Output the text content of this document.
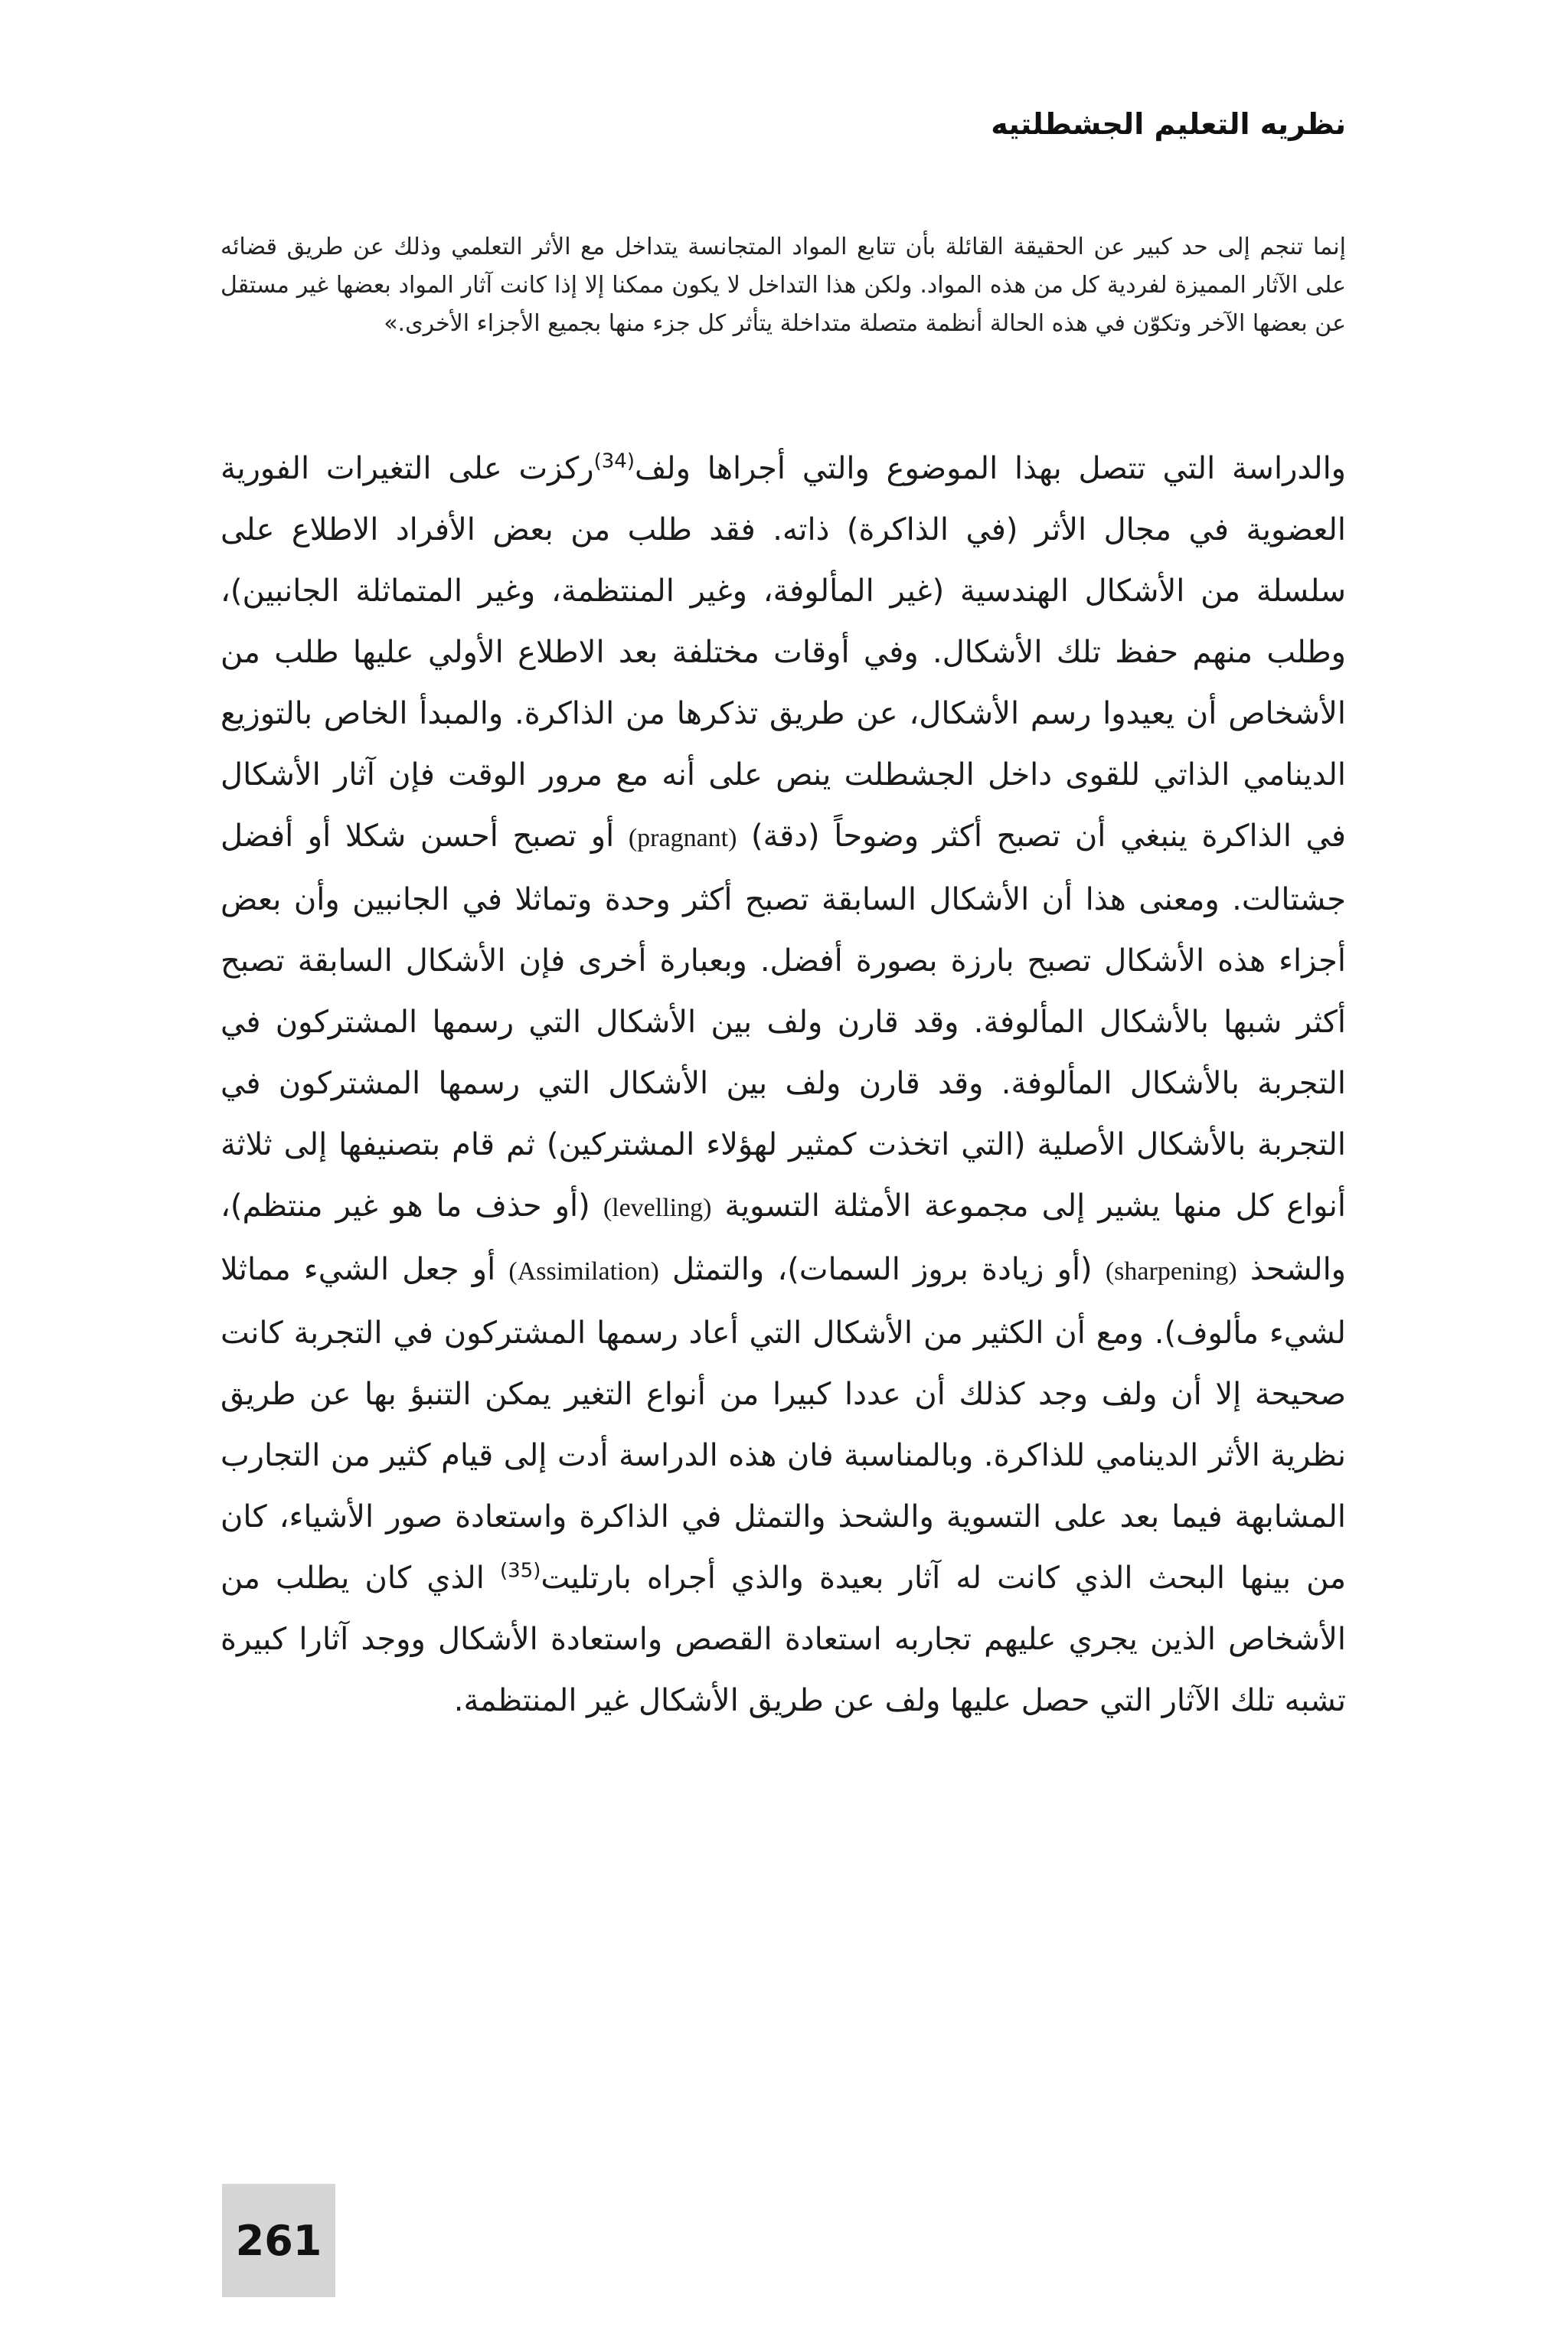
نظريه التعليم الجشطلتيه

إنما تنجم إلى حد كبير عن الحقيقة القائلة بأن تتابع المواد المتجانسة يتداخل مع الأثر التعلمي وذلك عن طريق قضائه على الآثار المميزة لفردية كل من هذه المواد. ولكن هذا التداخل لا يكون ممكنا إلا إذا كانت آثار المواد بعضها غير مستقل عن بعضها الآخر وتكوّن في هذه الحالة أنظمة متصلة متداخلة يتأثر كل جزء منها بجميع الأجزاء الأخرى.»

والدراسة التي تتصل بهذا الموضوع والتي أجراها ولف$^{(34)}$ركزت على التغيرات الفورية العضوية في مجال الأثر (في الذاكرة) ذاته. فقد طلب من بعض الأفراد الاطلاع على سلسلة من الأشكال الهندسية (غير المألوفة، وغير المنتظمة، وغير المتماثلة الجانبين)، وطلب منهم حفظ تلك الأشكال. وفي أوقات مختلفة بعد الاطلاع الأولي عليها طلب من الأشخاص أن يعيدوا رسم الأشكال، عن طريق تذكرها من الذاكرة. والمبدأ الخاص بالتوزيع الدينامي الذاتي للقوى داخل الجشطلت ينص على أنه مع مرور الوقت فإن آثار الأشكال في الذاكرة ينبغي أن تصبح أكثر وضوحاً (دقة) (pragnant) أو تصبح أحسن شكلا أو أفضل جشتالت. ومعنى هذا أن الأشكال السابقة تصبح أكثر وحدة وتماثلا في الجانبين وأن بعض أجزاء هذه الأشكال تصبح بارزة بصورة أفضل. وبعبارة أخرى فإن الأشكال السابقة تصبح أكثر شبها بالأشكال المألوفة. وقد قارن ولف بين الأشكال التي رسمها المشتركون في التجربة بالأشكال المألوفة. وقد قارن ولف بين الأشكال التي رسمها المشتركون في التجربة بالأشكال الأصلية (التي اتخذت كمثير لهؤلاء المشتركين) ثم قام بتصنيفها إلى ثلاثة أنواع كل منها يشير إلى مجموعة الأمثلة التسوية (levelling) (أو حذف ما هو غير منتظم)، والشحذ (sharpening) (أو زيادة بروز السمات)، والتمثل (Assimilation) أو جعل الشيء مماثلا لشيء مألوف). ومع أن الكثير من الأشكال التي أعاد رسمها المشتركون في التجربة كانت صحيحة إلا أن ولف وجد كذلك أن عددا كبيرا من أنواع التغير يمكن التنبؤ بها عن طريق نظرية الأثر الدينامي للذاكرة. وبالمناسبة فان هذه الدراسة أدت إلى قيام كثير من التجارب المشابهة فيما بعد على التسوية والشحذ والتمثل في الذاكرة واستعادة صور الأشياء، كان من بينها البحث الذي كانت له آثار بعيدة والذي أجراه بارتليت$^{(35)}$ الذي كان يطلب من الأشخاص الذين يجري عليهم تجاربه استعادة القصص واستعادة الأشكال ووجد آثارا كبيرة تشبه تلك الآثار التي حصل عليها ولف عن طريق الأشكال غير المنتظمة.

261
